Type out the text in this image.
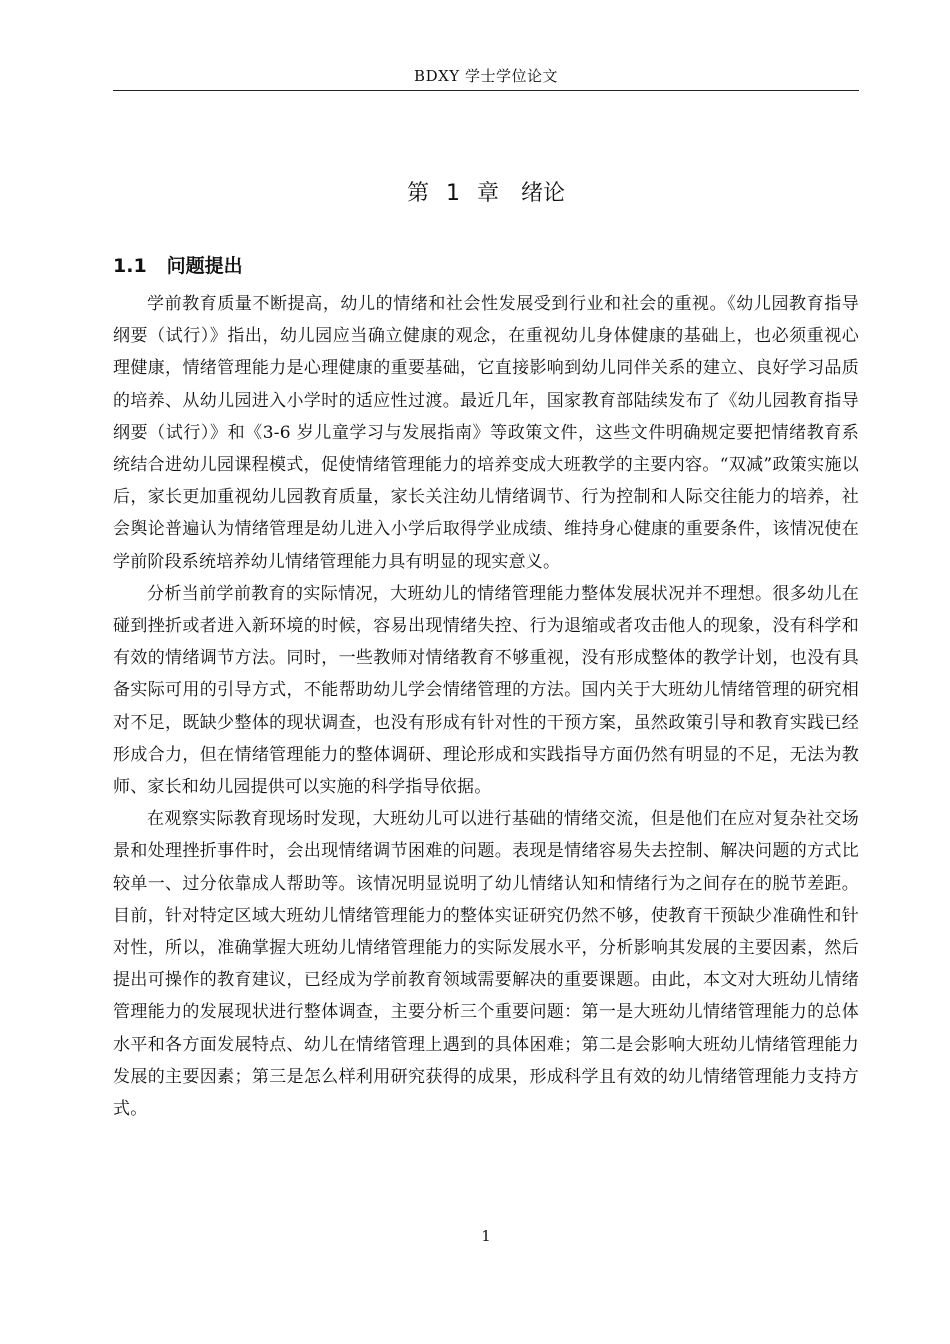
BDXY 学士学位论文
第 1 章　绪论
1.1 问题提出

学前教育质量不断提高，幼儿的情绪和社会性发展受到行业和社会的重视。《幼儿园教育指导纲要（试行）》指出，幼儿园应当确立健康的观念，在重视幼儿身体健康的基础上，也必须重视心理健康，情绪管理能力是心理健康的重要基础，它直接影响到幼儿同伴关系的建立、良好学习品质的培养、从幼儿园进入小学时的适应性过渡。最近几年，国家教育部陆续发布了《幼儿园教育指导纲要（试行）》和《3-6 岁儿童学习与发展指南》等政策文件，这些文件明确规定要把情绪教育系统结合进幼儿园课程模式，促使情绪管理能力的培养变成大班教学的主要内容。“双减”政策实施以后，家长更加重视幼儿园教育质量，家长关注幼儿情绪调节、行为控制和人际交往能力的培养，社会舆论普遍认为情绪管理是幼儿进入小学后取得学业成绩、维持身心健康的重要条件，该情况使在学前阶段系统培养幼儿情绪管理能力具有明显的现实意义。

分析当前学前教育的实际情况，大班幼儿的情绪管理能力整体发展状况并不理想。很多幼儿在碰到挫折或者进入新环境的时候，容易出现情绪失控、行为退缩或者攻击他人的现象，没有科学和有效的情绪调节方法。同时，一些教师对情绪教育不够重视，没有形成整体的教学计划，也没有具备实际可用的引导方式，不能帮助幼儿学会情绪管理的方法。国内关于大班幼儿情绪管理的研究相对不足，既缺少整体的现状调查，也没有形成有针对性的干预方案，虽然政策引导和教育实践已经形成合力，但在情绪管理能力的整体调研、理论形成和实践指导方面仍然有明显的不足，无法为教师、家长和幼儿园提供可以实施的科学指导依据。

在观察实际教育现场时发现，大班幼儿可以进行基础的情绪交流，但是他们在应对复杂社交场景和处理挫折事件时，会出现情绪调节困难的问题。表现是情绪容易失去控制、解决问题的方式比较单一、过分依靠成人帮助等。该情况明显说明了幼儿情绪认知和情绪行为之间存在的脱节差距。目前，针对特定区域大班幼儿情绪管理能力的整体实证研究仍然不够，使教育干预缺少准确性和针对性，所以，准确掌握大班幼儿情绪管理能力的实际发展水平，分析影响其发展的主要因素，然后提出可操作的教育建议，已经成为学前教育领域需要解决的重要课题。由此，本文对大班幼儿情绪管理能力的发展现状进行整体调查，主要分析三个重要问题：第一是大班幼儿情绪管理能力的总体水平和各方面发展特点、幼儿在情绪管理上遇到的具体困难；第二是会影响大班幼儿情绪管理能力发展的主要因素；第三是怎么样利用研究获得的成果，形成科学且有效的幼儿情绪管理能力支持方式。

1
